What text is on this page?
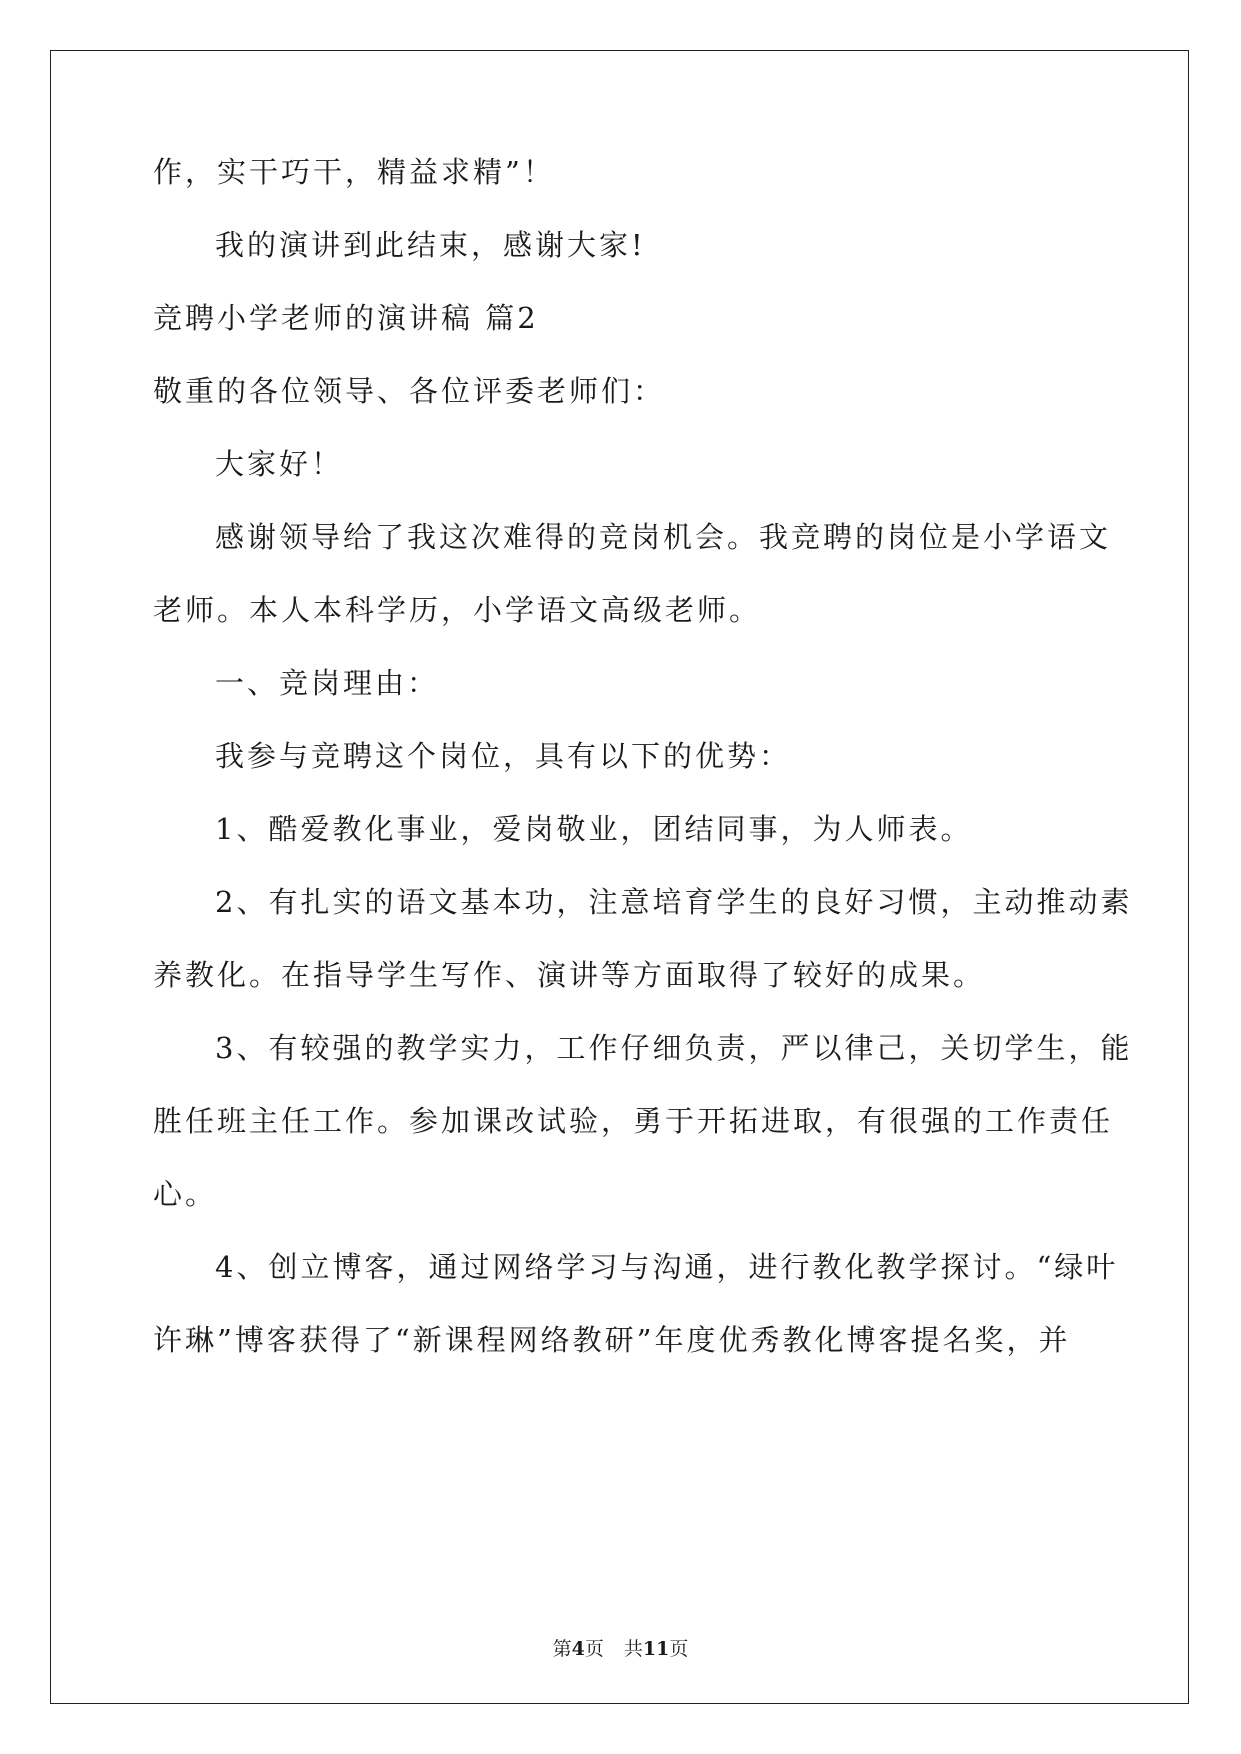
作，实干巧干，精益求精”！
我的演讲到此结束，感谢大家!
竞聘小学老师的演讲稿 篇2
敬重的各位领导、各位评委老师们：
大家好！
感谢领导给了我这次难得的竞岗机会。我竞聘的岗位是小学语文
老师。本人本科学历，小学语文高级老师。
一、竞岗理由：
我参与竞聘这个岗位，具有以下的优势：
1、酷爱教化事业，爱岗敬业，团结同事，为人师表。
2、有扎实的语文基本功，注意培育学生的良好习惯，主动推动素
养教化。在指导学生写作、演讲等方面取得了较好的成果。
3、有较强的教学实力，工作仔细负责，严以律己，关切学生，能
胜任班主任工作。参加课改试验，勇于开拓进取，有很强的工作责任
心。
4、创立博客，通过网络学习与沟通，进行教化教学探讨。“绿叶
许琳”博客获得了“新课程网络教研”年度优秀教化博客提名奖，并
第4页 共11页
